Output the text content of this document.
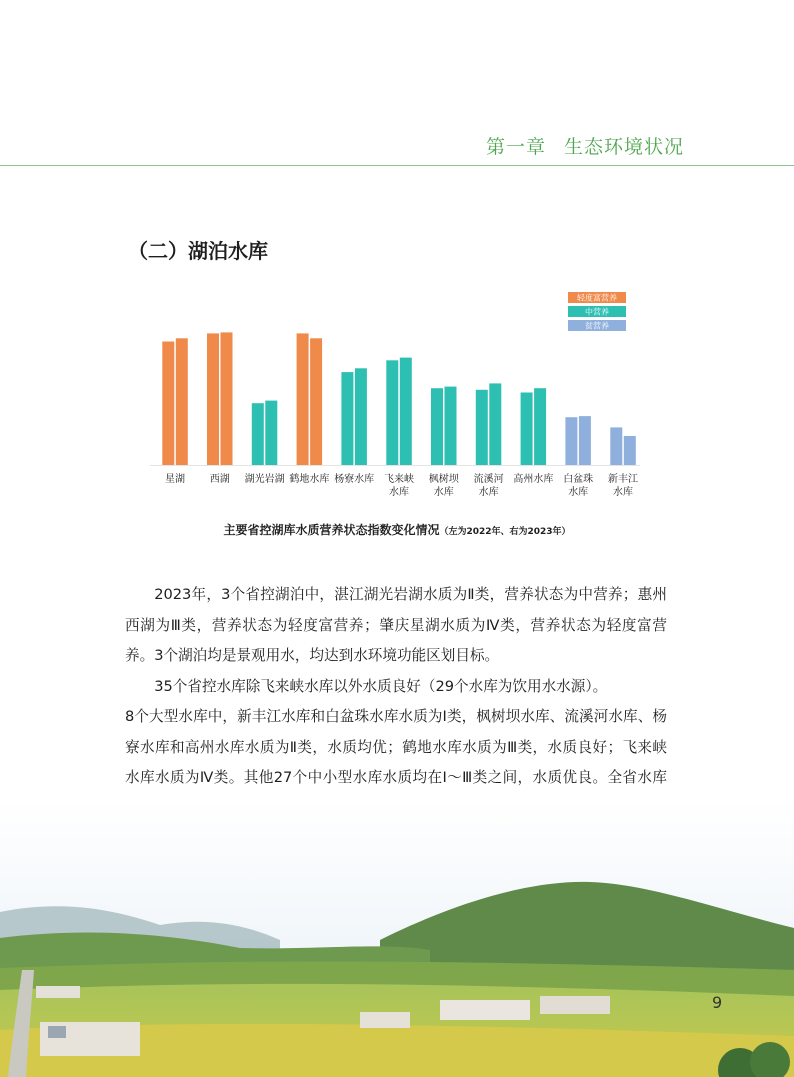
第一章 生态环境状况
（二）湖泊水库
星湖 西湖 湖光岩湖 鹤地水库 杨寮水库 飞来峡
水库
枫树坝
水库
流溪河
水库
高州水库 白盆珠
水库
新丰江
水库
轻度富营养
中营养
贫营养
主要省控湖库水质营养状态指数变化情况（左为2022年、右为2023年）

2023年，3个省控湖泊中，湛江湖光岩湖水质为Ⅱ类，营养状态为中营养；惠州西湖为Ⅲ类，营养状态为轻度富营养；肇庆星湖水质为Ⅳ类，营养状态为轻度富营养。3个湖泊均是景观用水，均达到水环境功能区划目标。

35个省控水库除飞来峡水库以外水质良好（29个水库为饮用水水源）。

8个大型水库中，新丰江水库和白盆珠水库水质为Ⅰ类，枫树坝水库、流溪河水库、杨寮水库和高州水库水质为Ⅱ类，水质均优；鹤地水库水质为Ⅲ类，水质良好；飞来峡水库水质为Ⅳ类。其他27个中小型水库水质均在Ⅰ～Ⅲ类之间，水质优良。全省水库

9
